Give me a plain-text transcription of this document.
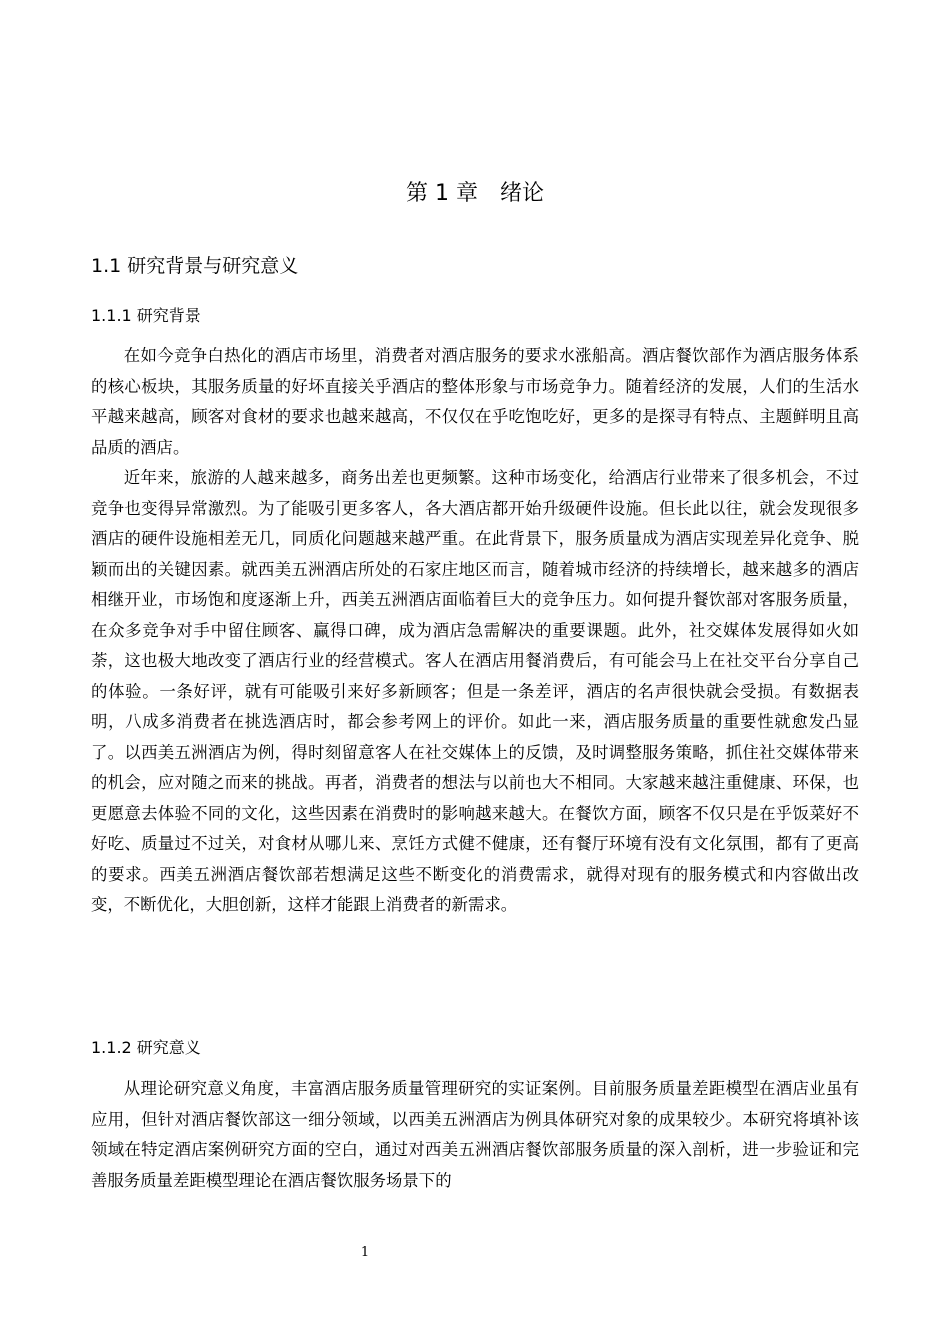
第 1 章　绪论
1.1 研究背景与研究意义
1.1.1 研究背景

在如今竞争白热化的酒店市场里，消费者对酒店服务的要求水涨船高。酒店餐饮部作为酒店服务体系的核心板块，其服务质量的好坏直接关乎酒店的整体形象与市场竞争力。随着经济的发展，人们的生活水平越来越高，顾客对食材的要求也越来越高，不仅仅在乎吃饱吃好，更多的是探寻有特点、主题鲜明且高品质的酒店。

近年来，旅游的人越来越多，商务出差也更频繁。这种市场变化，给酒店行业带来了很多机会，不过竞争也变得异常激烈。为了能吸引更多客人，各大酒店都开始升级硬件设施。但长此以往，就会发现很多酒店的硬件设施相差无几，同质化问题越来越严重。在此背景下，服务质量成为酒店实现差异化竞争、脱颖而出的关键因素。就西美五洲酒店所处的石家庄地区而言，随着城市经济的持续增长，越来越多的酒店相继开业，市场饱和度逐渐上升，西美五洲酒店面临着巨大的竞争压力。如何提升餐饮部对客服务质量，在众多竞争对手中留住顾客、赢得口碑，成为酒店急需解决的重要课题。此外，社交媒体发展得如火如荼，这也极大地改变了酒店行业的经营模式。客人在酒店用餐消费后，有可能会马上在社交平台分享自己的体验。一条好评，就有可能吸引来好多新顾客；但是一条差评，酒店的名声很快就会受损。有数据表明，八成多消费者在挑选酒店时，都会参考网上的评价。如此一来，酒店服务质量的重要性就愈发凸显了。以西美五洲酒店为例，得时刻留意客人在社交媒体上的反馈，及时调整服务策略，抓住社交媒体带来的机会，应对随之而来的挑战。再者，消费者的想法与以前也大不相同。大家越来越注重健康、环保，也更愿意去体验不同的文化，这些因素在消费时的影响越来越大。在餐饮方面，顾客不仅只是在乎饭菜好不好吃、质量过不过关，对食材从哪儿来、烹饪方式健不健康，还有餐厅环境有没有文化氛围，都有了更高的要求。西美五洲酒店餐饮部若想满足这些不断变化的消费需求，就得对现有的服务模式和内容做出改变，不断优化，大胆创新，这样才能跟上消费者的新需求。

1.1.2 研究意义

从理论研究意义角度，丰富酒店服务质量管理研究的实证案例。目前服务质量差距模型在酒店业虽有应用，但针对酒店餐饮部这一细分领域，以西美五洲酒店为例具体研究对象的成果较少。本研究将填补该领域在特定酒店案例研究方面的空白，通过对西美五洲酒店餐饮部服务质量的深入剖析，进一步验证和完善服务质量差距模型理论在酒店餐饮服务场景下的

1
